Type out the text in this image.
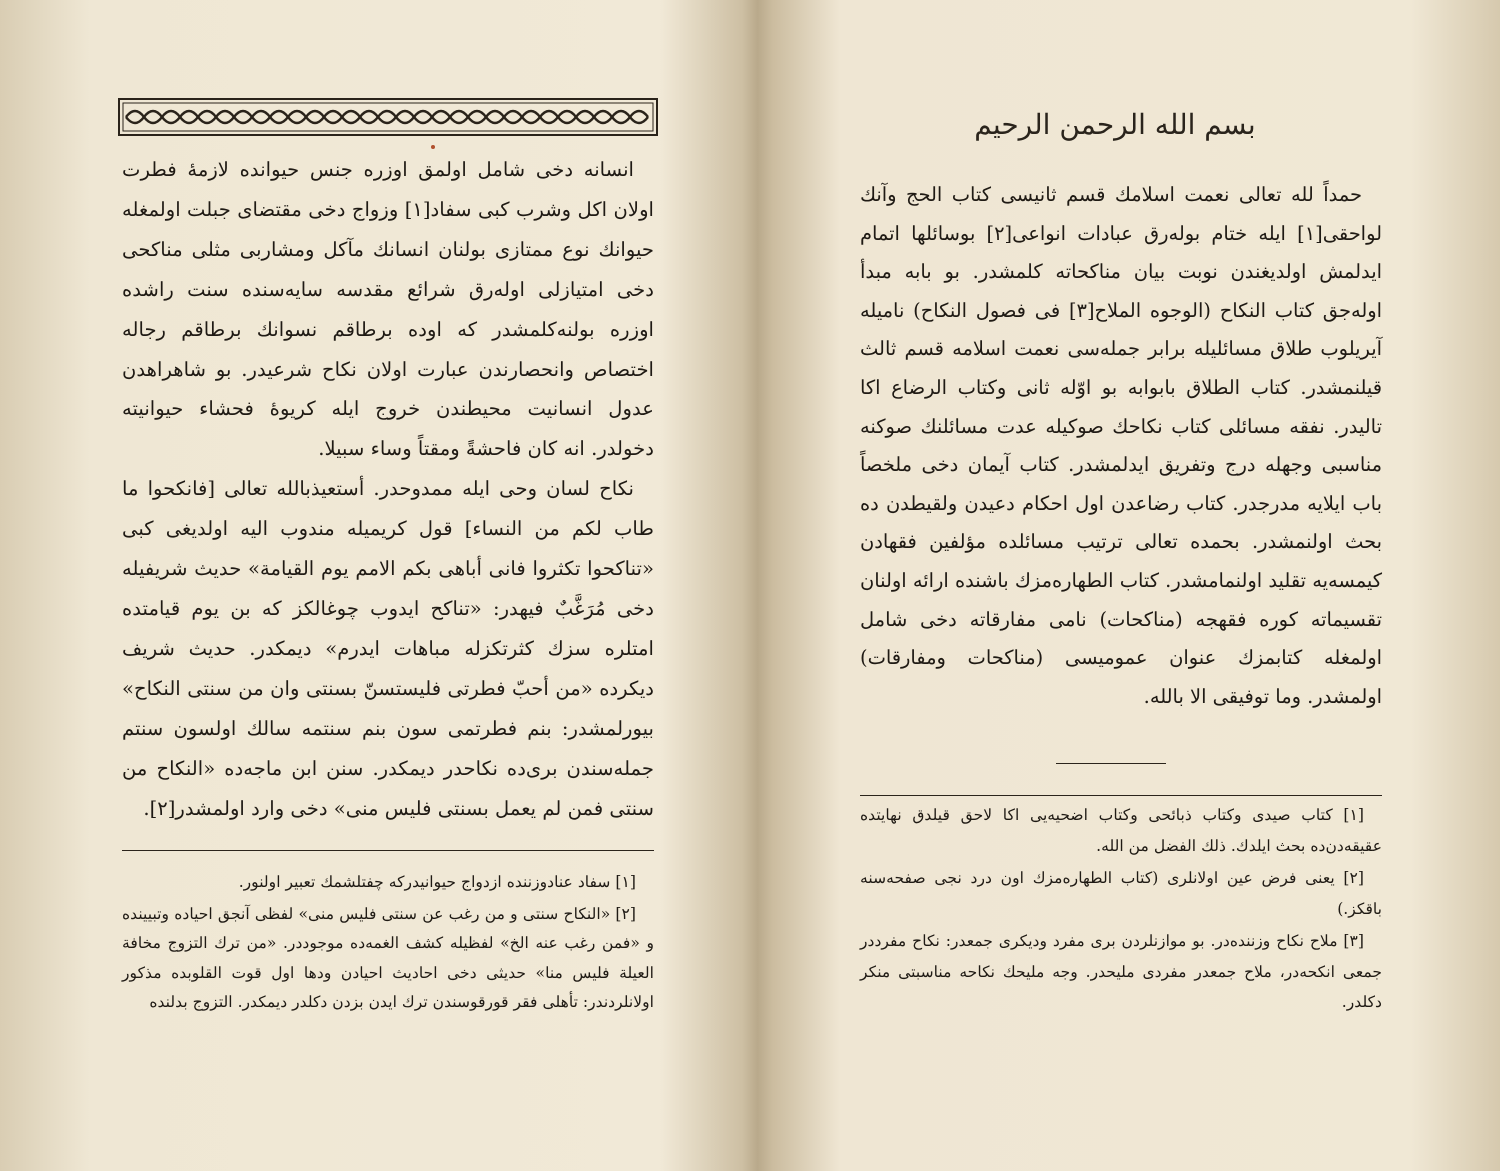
انسانه دخی شامل اولمق اوزره جنس حیوانده لازمهٔ فطرت اولان اکل وشرب کبی سفاد[١] وزواج دخی مقتضای جبلت اولمغله حیوانك نوع ممتازی بولنان انسانك مآکل ومشاربی مثلی مناکحی دخی امتیازلی اوله‌رق شرائع مقدسه سایه‌سنده سنت راشده اوزره بولنه‌کلمشدر که اوده برطاقم نسوانك برطاقم رجاله اختصاص وانحصارندن عبارت اولان نکاح شرعیدر. بو شاهراهدن عدول انسانیت محیطندن خروج ایله کریوهٔ فحشاء حیوانیته دخولدر. انه کان فاحشةً ومقتاً وساء سبیلا.

نکاح لسان وحی ایله ممدوحدر. أستعیذبالله تعالی [فانکحوا ما طاب لکم من النساء] قول کریمیله مندوب الیه اولدیغی کبی «تناکحوا تکثروا فانی أباهی بکم الامم یوم القیامة» حدیث شریفیله دخی مُرَغَّبٌ فیهدر: «تناکح ایدوب چوغالکز که بن یوم قیامتده امتلره سزك کثرتکزله مباهات ایدرم» دیمکدر. حدیث شریف دیکرده «من أحبّ فطرتی فلیستسنّ بسنتی وان من سنتی النکاح» بیورلمشدر: بنم فطرتمی سون بنم سنتمه سالك اولسون سنتم جمله‌سندن بری‌ده نکاحدر دیمکدر. سنن ابن ماجه‌ده «النکاح من سنتی فمن لم یعمل بسنتی فلیس منی» دخی وارد اولمشدر[٢].

[١] سفاد عنادوزننده ازدواج حیوانیدرکه چفتلشمك تعبیر اولنور.

[٢] «النکاح سنتی و من رغب عن سنتی فلیس منی» لفظی آنجق احیاده وتبیینده و «فمن رغب عنه الخ» لفظیله کشف الغمه‌ده موجوددر. «من ترك التزوج مخافة العیلة فلیس منا» حدیثی دخی احادیث احیادن ودها اول قوت القلوبده مذکور اولانلردندر: تأهلی فقر قورقوسندن ترك ایدن بزدن دکلدر دیمکدر. التزوج بدلنده

بسم الله الرحمن الرحیم

حمداً لله تعالی نعمت اسلامك قسم ثانیسی کتاب الحج وآنك لواحقی[١] ایله ختام بوله‌رق عبادات انواعی[٢] بوسائلها اتمام ایدلمش اولدیغندن نوبت بیان مناکحاته کلمشدر. بو بابه مبدأ اوله‌جق کتاب النکاح (الوجوه الملاح[٣] فی فصول النکاح) نامیله آیریلوب طلاق مسائلیله برابر جمله‌سی نعمت اسلامه قسم ثالث قیلنمشدر. کتاب الطلاق بابوابه بو اوّله ثانی وکتاب الرضاع اکا تالیدر. نفقه مسائلی کتاب نکاحك صوکیله عدت مسائلنك صوکنه مناسبی وجهله درج وتفریق ایدلمشدر. کتاب آیمان دخی ملخصاً باب ایلایه مدرجدر. کتاب رضاعدن اول احکام دعیدن ولقیطدن ده بحث اولنمشدر. بحمده تعالی ترتیب مسائلده مؤلفین فقهادن کیمسه‌یه تقلید اولنمامشدر. کتاب الطهاره‌مزك باشنده ارائه اولنان تقسیماته کوره فقهجه (مناکحات) نامی مفارقاته دخی شامل اولمغله کتابمزك عنوان عمومیسی (مناکحات ومفارقات) اولمشدر. وما توفیقی الا بالله.

[١] کتاب صیدی وکتاب ذبائحی وکتاب اضحیه‌یی اکا لاحق قیلدق نهایتده عقیقه‌دن‌ده بحث ایلدك. ذلك الفضل من الله.

[٢] یعنی فرض عین اولانلری (کتاب الطهاره‌مزك اون درد نجی صفحه‌سنه باقکز.)

[٣] ملاح نکاح وزننده‌در. بو موازنلردن بری مفرد ودیکری جمعدر: نکاح مفرددر جمعی انکحه‌در، ملاح جمعدر مفردی ملیحدر. وجه ملیحك نکاحه مناسبتی منکر دکلدر.
